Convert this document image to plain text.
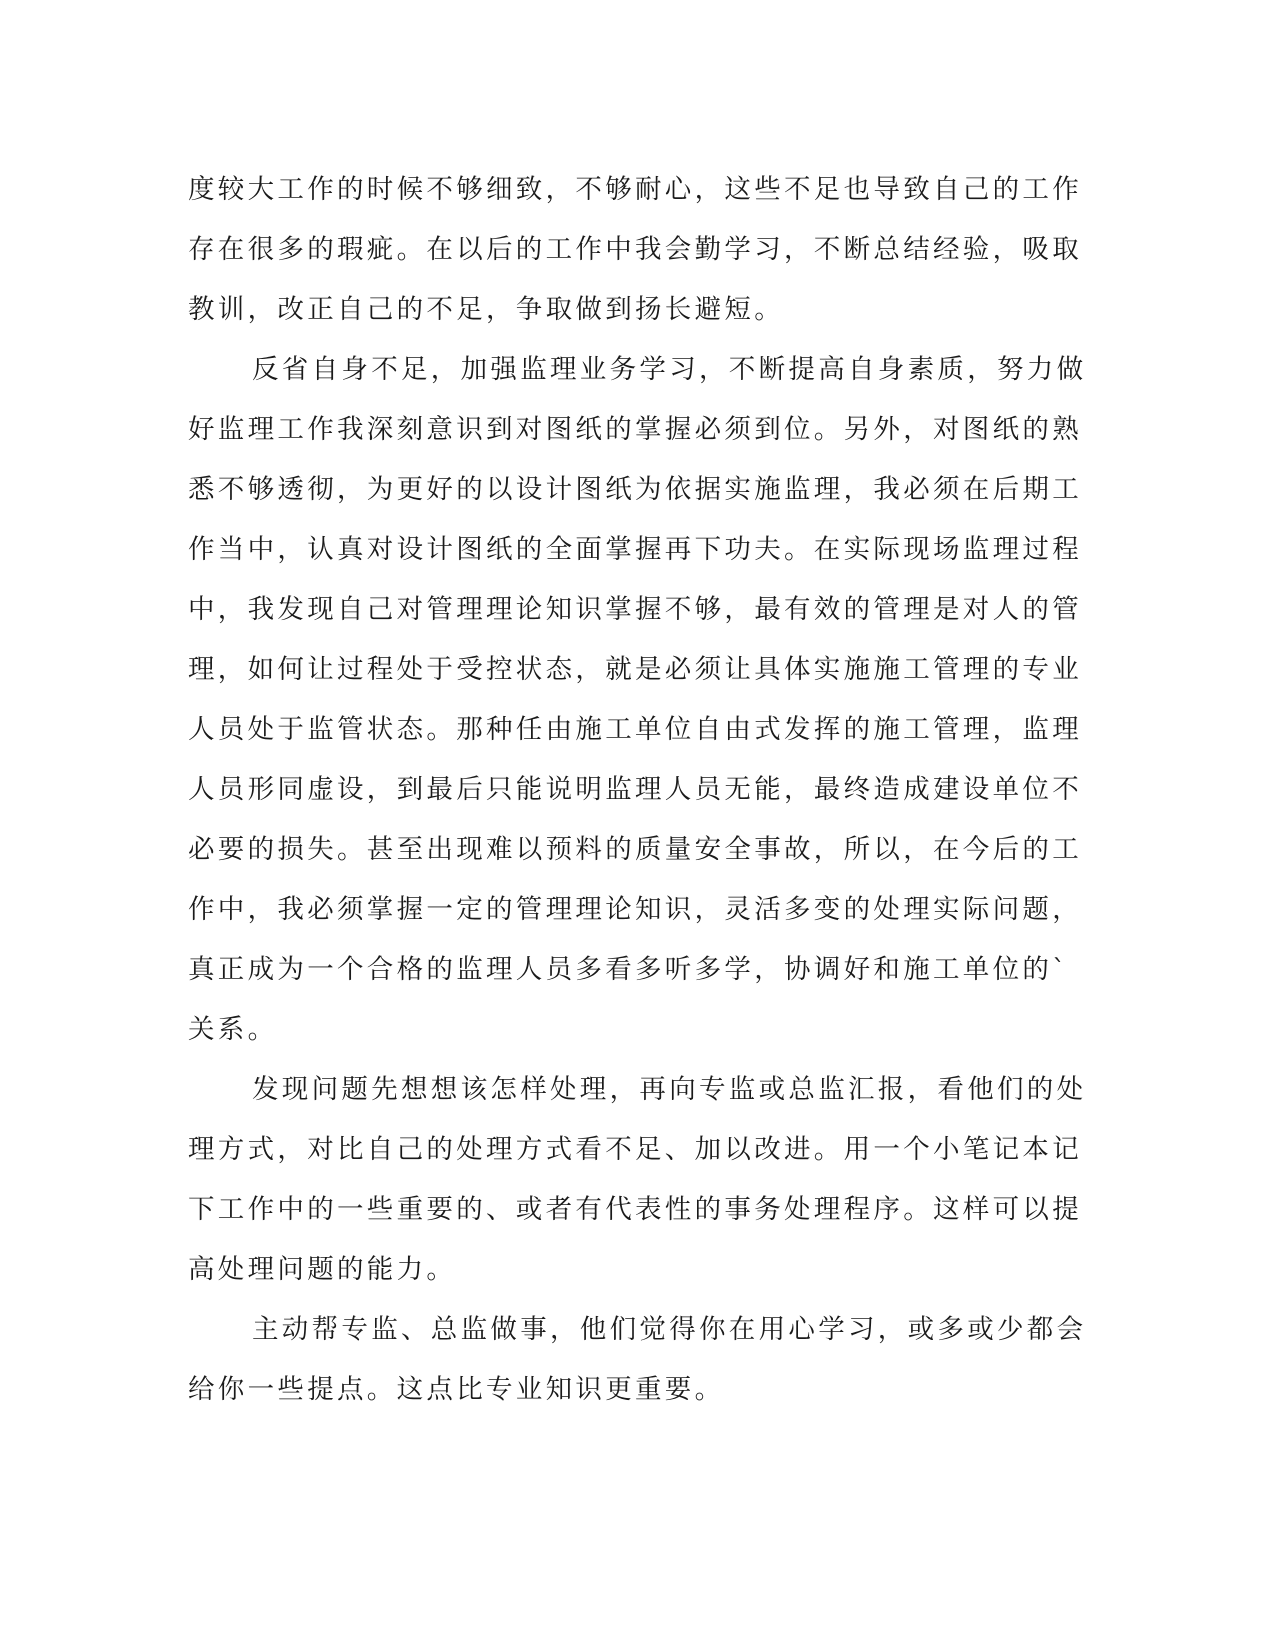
度较大工作的时候不够细致，不够耐心，这些不足也导致自己的工作存在很多的瑕疵。在以后的工作中我会勤学习，不断总结经验，吸取教训，改正自己的不足，争取做到扬长避短。

反省自身不足，加强监理业务学习，不断提高自身素质，努力做好监理工作我深刻意识到对图纸的掌握必须到位。另外，对图纸的熟悉不够透彻，为更好的以设计图纸为依据实施监理，我必须在后期工作当中，认真对设计图纸的全面掌握再下功夫。在实际现场监理过程中，我发现自己对管理理论知识掌握不够，最有效的管理是对人的管理，如何让过程处于受控状态，就是必须让具体实施施工管理的专业人员处于监管状态。那种任由施工单位自由式发挥的施工管理，监理人员形同虚设，到最后只能说明监理人员无能，最终造成建设单位不必要的损失。甚至出现难以预料的质量安全事故，所以，在今后的工作中，我必须掌握一定的管理理论知识，灵活多变的处理实际问题，真正成为一个合格的监理人员多看多听多学，协调好和施工单位的`关系。

发现问题先想想该怎样处理，再向专监或总监汇报，看他们的处理方式，对比自己的处理方式看不足、加以改进。用一个小笔记本记下工作中的一些重要的、或者有代表性的事务处理程序。这样可以提高处理问题的能力。

主动帮专监、总监做事，他们觉得你在用心学习，或多或少都会给你一些提点。这点比专业知识更重要。
